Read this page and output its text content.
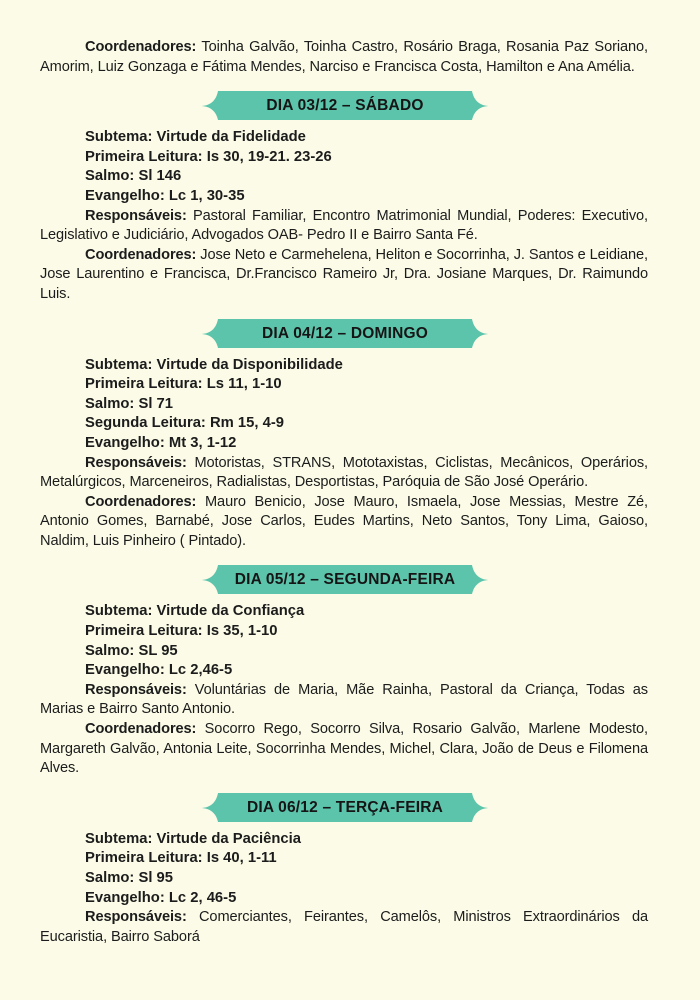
Coordenadores: Toinha Galvão, Toinha Castro, Rosário Braga, Rosania Paz Soriano, Amorim, Luiz Gonzaga e Fátima Mendes, Narciso e Francisca Costa, Hamilton e Ana Amélia.

DIA 03/12 – SÁBADO

Subtema: Virtude da Fidelidade

Primeira Leitura: Is 30, 19-21. 23-26

Salmo: Sl 146

Evangelho: Lc 1, 30-35

Responsáveis: Pastoral Familiar, Encontro Matrimonial Mundial, Poderes: Executivo, Legislativo e Judiciário, Advogados OAB- Pedro II e Bairro Santa Fé.

Coordenadores: Jose Neto e Carmehelena, Heliton e Socorrinha, J. Santos e Leidiane, Jose Laurentino e Francisca, Dr.Francisco Rameiro Jr, Dra. Josiane Marques, Dr. Raimundo Luis.

DIA 04/12 – DOMINGO

Subtema: Virtude da Disponibilidade

Primeira Leitura: Ls 11, 1-10

Salmo: Sl 71

Segunda Leitura: Rm 15, 4-9

Evangelho: Mt 3, 1-12

Responsáveis: Motoristas, STRANS, Mototaxistas, Ciclistas, Mecânicos, Operários, Metalúrgicos, Marceneiros, Radialistas, Desportistas, Paróquia de São José Operário.

Coordenadores: Mauro Benicio, Jose Mauro, Ismaela, Jose Messias, Mestre Zé, Antonio Gomes, Barnabé, Jose Carlos, Eudes Martins, Neto Santos, Tony Lima, Gaioso, Naldim, Luis Pinheiro ( Pintado).

DIA 05/12 – SEGUNDA-FEIRA

Subtema: Virtude da Confiança

Primeira Leitura: Is 35, 1-10

Salmo: SL 95

Evangelho: Lc 2,46-5

Responsáveis: Voluntárias de Maria, Mãe Rainha, Pastoral da Criança, Todas as Marias e Bairro Santo Antonio.

Coordenadores: Socorro Rego, Socorro Silva, Rosario Galvão, Marlene Modesto, Margareth Galvão, Antonia Leite, Socorrinha Mendes, Michel, Clara, João de Deus e Filomena Alves.

DIA 06/12 – TERÇA-FEIRA

Subtema: Virtude da Paciência

Primeira Leitura: Is 40, 1-11

Salmo: Sl 95

Evangelho: Lc 2, 46-5

Responsáveis: Comerciantes, Feirantes, Camelôs, Ministros Extraordinários da Eucaristia, Bairro Saborá
